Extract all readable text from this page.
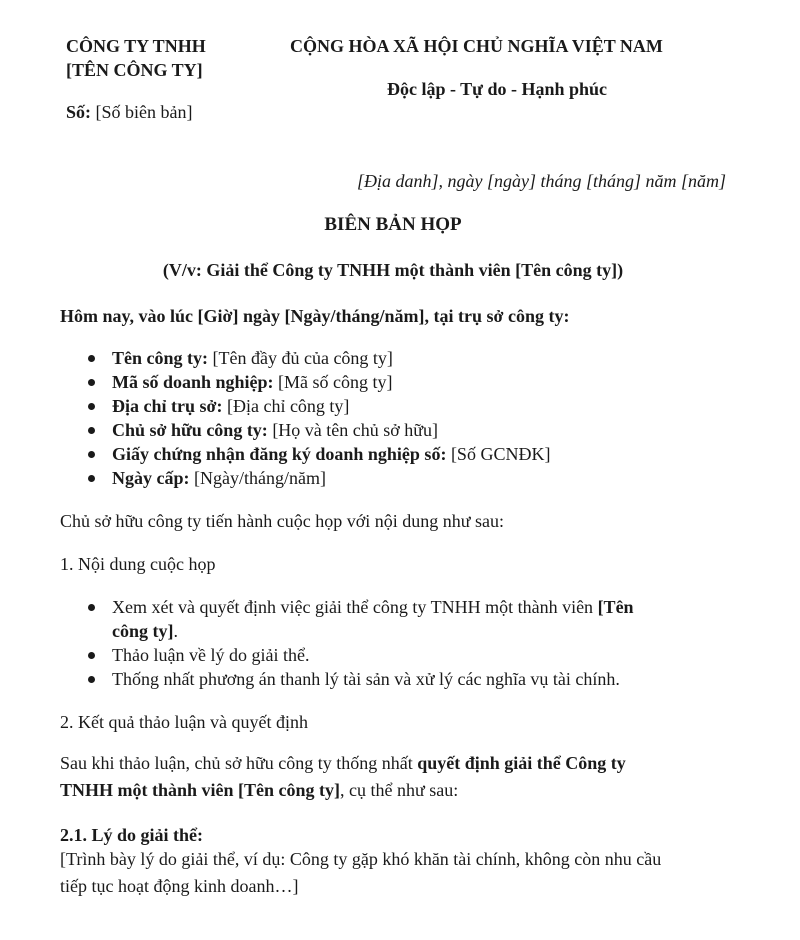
CÔNG TY TNHH
[TÊN CÔNG TY]
Số: [Số biên bản]
CỘNG HÒA XÃ HỘI CHỦ NGHĨA VIỆT NAM
Độc lập - Tự do - Hạnh phúc
[Địa danh], ngày [ngày] tháng [tháng] năm [năm]
BIÊN BẢN HỌP
(V/v: Giải thể Công ty TNHH một thành viên [Tên công ty])
Hôm nay, vào lúc [Giờ] ngày [Ngày/tháng/năm], tại trụ sở công ty:
Tên công ty: [Tên đầy đủ của công ty]
Mã số doanh nghiệp: [Mã số công ty]
Địa chỉ trụ sở: [Địa chỉ công ty]
Chủ sở hữu công ty: [Họ và tên chủ sở hữu]
Giấy chứng nhận đăng ký doanh nghiệp số: [Số GCNĐK]
Ngày cấp: [Ngày/tháng/năm]
Chủ sở hữu công ty tiến hành cuộc họp với nội dung như sau:
1. Nội dung cuộc họp
Xem xét và quyết định việc giải thể công ty TNHH một thành viên [Tên
công ty].
Thảo luận về lý do giải thể.
Thống nhất phương án thanh lý tài sản và xử lý các nghĩa vụ tài chính.
2. Kết quả thảo luận và quyết định
Sau khi thảo luận, chủ sở hữu công ty thống nhất quyết định giải thể Công ty
TNHH một thành viên [Tên công ty], cụ thể như sau:
2.1. Lý do giải thể:
[Trình bày lý do giải thể, ví dụ: Công ty gặp khó khăn tài chính, không còn nhu cầu
tiếp tục hoạt động kinh doanh…]
